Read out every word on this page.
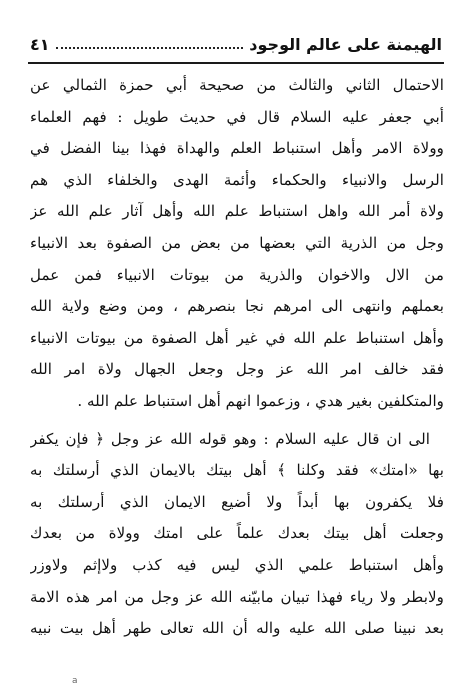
الهيمنة على عالم الوجود
٤١
الاحتمال الثاني والثالث من صحيحة أبي حمزة الثمالي عن
أبي جعفر عليه السلام قال في حديث طويل : فهم العلماء
وولاة الامر وأهل استنباط العلم والهداة فهذا بينا الفضل في
الرسل والانبياء والحكماء وأئمة الهدى والخلفاء الذي هم
ولاة أمر الله واهل استنباط علم الله وأهل آثار علم الله عز
وجل من الذرية التي بعضها من بعض من الصفوة بعد الانبياء
من الال والاخوان والذرية من بيوتات الانبياء فمن عمل
بعملهم وانتهى الى امرهم نجا بنصرهم ، ومن وضع ولاية الله
وأهل استنباط علم الله في غير أهل الصفوة من بيوتات الانبياء
فقد خالف امر الله عز وجل وجعل الجهال ولاة امر الله
والمتكلفين بغير هدي ، وزعموا انهم أهل استنباط علم الله .
الى ان قال عليه السلام : وهو قوله الله عز وجل ﴿ فإن يكفر
بها «امتك» فقد وكلنا ﴾ أهل بيتك بالايمان الذي أرسلتك به
فلا يكفرون بها أبداً ولا أضيع الايمان الذي أرسلتك به
وجعلت أهل بيتك بعدك علماً على امتك وولاة من بعدك
وأهل استنباط علمي الذي ليس فيه كذب ولاإثم ولاوزر
ولابطر ولا رياء فهذا تبيان مابيّنه الله عز وجل من امر هذه الامة
بعد نبينا صلى الله عليه واله أن الله تعالى طهر أهل بيت نبيه
a
